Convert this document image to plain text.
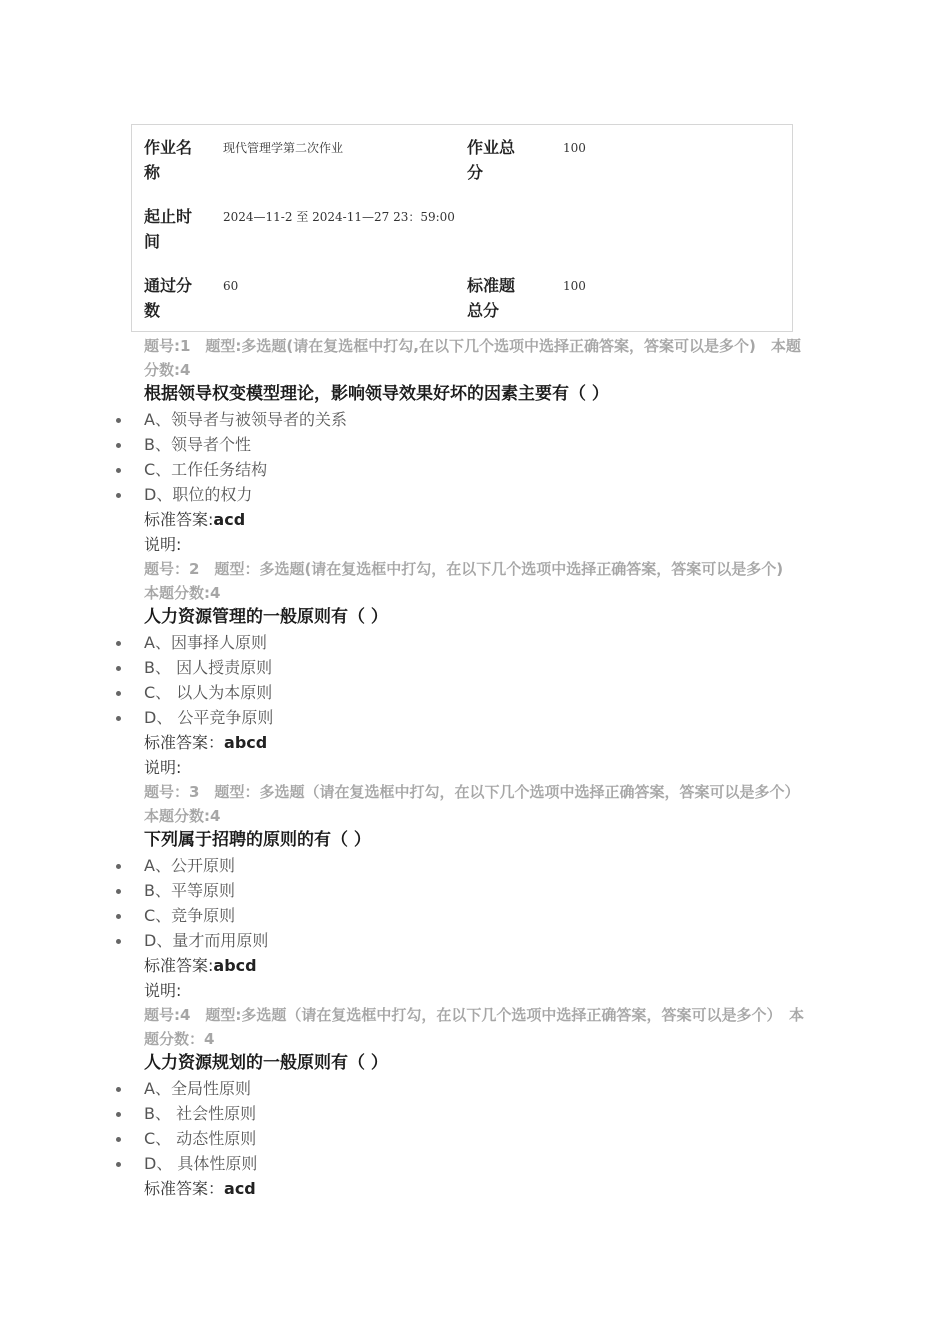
作业名称
现代管理学第二次作业	作业总分
100
起止时间
2024—11-2 至 2024-11—27 23：59:00
通过分数
60	标准题总分
100
题号:1　题型:多选题(请在复选框中打勾,在以下几个选项中选择正确答案，答案可以是多个)　本题分数:4
根据领导权变模型理论，影响领导效果好坏的因素主要有（ ）
A、领导者与被领导者的关系
B、领导者个性
C、工作任务结构
D、职位的权力
标准答案:acd
说明:
题号：2　题型：多选题(请在复选框中打勾，在以下几个选项中选择正确答案，答案可以是多个)　本题分数:4
人力资源管理的一般原则有（ ）
A、因事择人原则
B、 因人授责原则
C、 以人为本原则
D、 公平竞争原则
标准答案：abcd
说明:
题号：3　题型：多选题（请在复选框中打勾，在以下几个选项中选择正确答案，答案可以是多个）　本题分数:4
下列属于招聘的原则的有（ ）
A、公开原则
B、平等原则
C、竞争原则
D、量才而用原则
标准答案:abcd
说明:
题号:4　题型:多选题（请在复选框中打勾，在以下几个选项中选择正确答案，答案可以是多个）　本题分数：4
人力资源规划的一般原则有（ ）
A、全局性原则
B、 社会性原则
C、 动态性原则
D、 具体性原则
标准答案：acd
